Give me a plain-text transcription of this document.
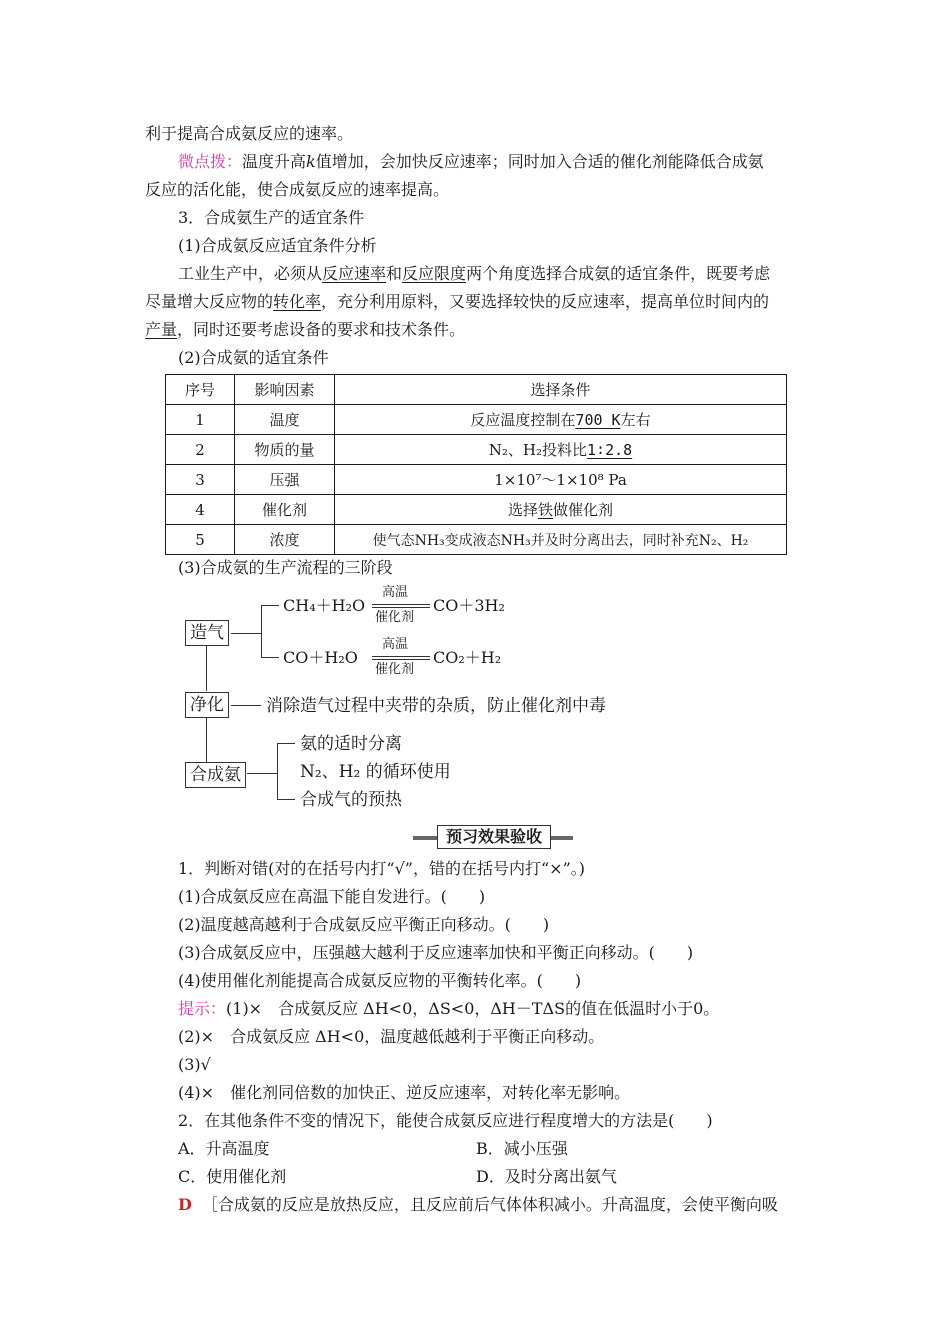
利于提高合成氨反应的速率。
微点拨：温度升高k值增加，会加快反应速率；同时加入合适的催化剂能降低合成氨
反应的活化能，使合成氨反应的速率提高。
3．合成氨生产的适宜条件
(1)合成氨反应适宜条件分析
工业生产中，必须从反应速率和反应限度两个角度选择合成氨的适宜条件，既要考虑
尽量增大反应物的转化率，充分利用原料，又要选择较快的反应速率，提高单位时间内的
产量，同时还要考虑设备的要求和技术条件。
(2)合成氨的适宜条件
序号	影响因素	选择条件
1	温度	反应温度控制在700 K左右
2	物质的量	N₂、H₂投料比1∶2.8
3	压强	1×10⁷～1×10⁸ Pa
4	催化剂	选择铁做催化剂
5	浓度	使气态NH₃变成液态NH₃并及时分离出去，同时补充N₂、H₂
(3)合成氨的生产流程的三阶段
造气
净化
合成氨
CH₄＋H₂O
高温
催化剂
CO＋3H₂
CO＋H₂O
高温
催化剂
CO₂＋H₂
消除造气过程中夹带的杂质，防止催化剂中毒
氨的适时分离
N₂、H₂ 的循环使用
合成气的预热
预习效果验收
1．判断对错(对的在括号内打“√”，错的在括号内打“×”。)
(1)合成氨反应在高温下能自发进行。(　　)
(2)温度越高越利于合成氨反应平衡正向移动。(　　)
(3)合成氨反应中，压强越大越利于反应速率加快和平衡正向移动。(　　)
(4)使用催化剂能提高合成氨反应物的平衡转化率。(　　)
提示：(1)×　合成氨反应 ΔH<0，ΔS<0，ΔH－TΔS的值在低温时小于0。
(2)×　合成氨反应 ΔH<0，温度越低越利于平衡正向移动。
(3)√
(4)×　催化剂同倍数的加快正、逆反应速率，对转化率无影响。
2．在其他条件不变的情况下，能使合成氨反应进行程度增大的方法是(　　)
A．升高温度	B．减小压强
C．使用催化剂	D．及时分离出氨气
D ［合成氨的反应是放热反应，且反应前后气体体积减小。升高温度，会使平衡向吸
